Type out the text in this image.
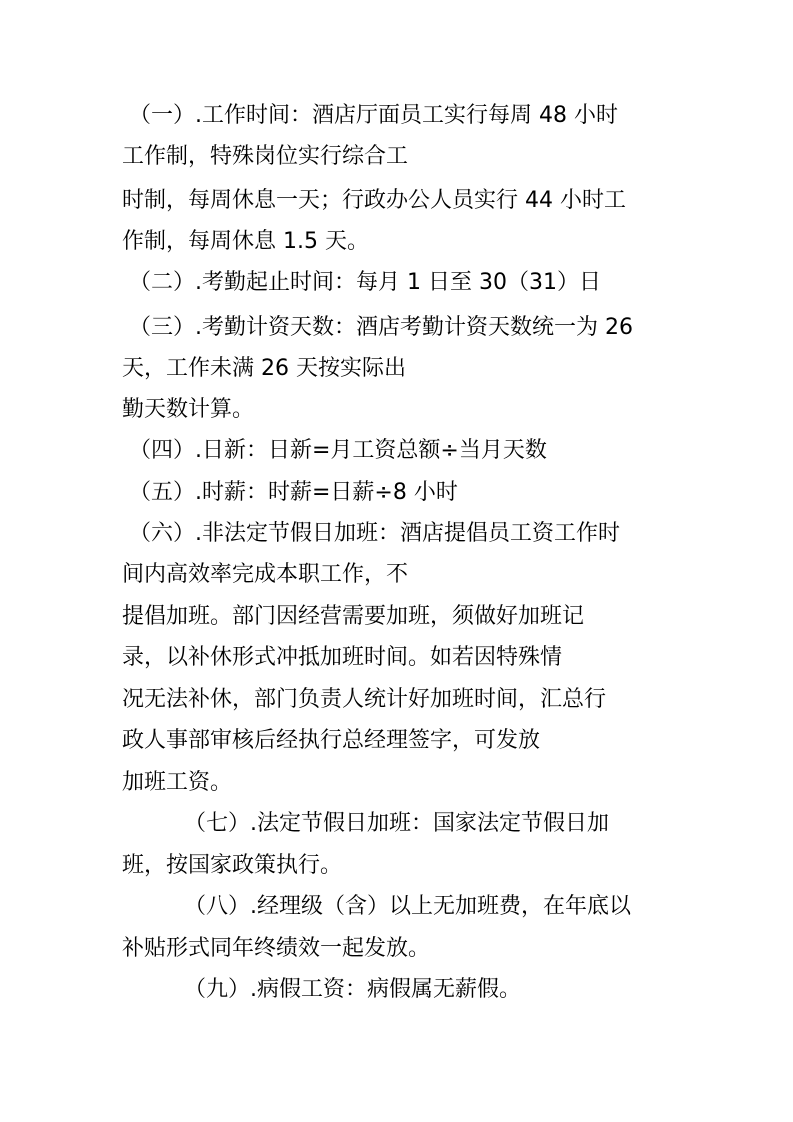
（一）.工作时间：酒店厅面员工实行每周 48 小时
工作制，特殊岗位实行综合工
时制，每周休息一天；行政办公人员实行 44 小时工
作制，每周休息 1.5 天。
（二）.考勤起止时间：每月 1 日至 30（31）日
（三）.考勤计资天数：酒店考勤计资天数统一为 26
天，工作未满 26 天按实际出
勤天数计算。
（四）.日新：日新=月工资总额÷当月天数
（五）.时薪：时薪=日薪÷8 小时
（六）.非法定节假日加班：酒店提倡员工资工作时
间内高效率完成本职工作，不
提倡加班。部门因经营需要加班，须做好加班记
录，以补休形式冲抵加班时间。如若因特殊情
况无法补休，部门负责人统计好加班时间，汇总行
政人事部审核后经执行总经理签字，可发放
加班工资。
（七）.法定节假日加班：国家法定节假日加
班，按国家政策执行。
（八）.经理级（含）以上无加班费，在年底以
补贴形式同年终绩效一起发放。
（九）.病假工资：病假属无薪假。
